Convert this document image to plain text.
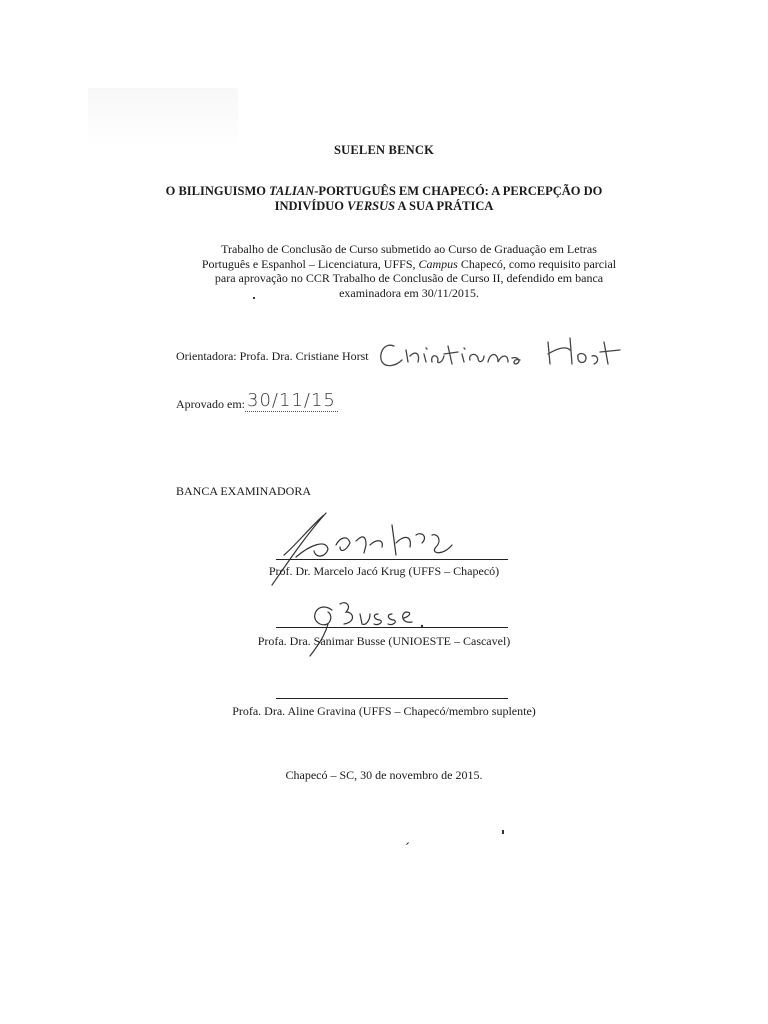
SUELEN BENCK
O BILINGUISMO TALIAN-PORTUGUÊS EM CHAPECÓ: A PERCEPÇÃO DO
INDIVÍDUO VERSUS A SUA PRÁTICA
Trabalho de Conclusão de Curso submetido ao Curso de Graduação em Letras
Português e Espanhol – Licenciatura, UFFS, Campus Chapecó, como requisito parcial
para aprovação no CCR Trabalho de Conclusão de Curso II, defendido em banca
examinadora em 30/11/2015.
Orientadora: Profa. Dra. Cristiane Horst
Aprovado em: 30/11/15
BANCA EXAMINADORA
Prof. Dr. Marcelo Jacó Krug (UFFS – Chapecó)
Profa. Dra. Sanimar Busse (UNIOESTE – Cascavel)
Profa. Dra. Aline Gravina (UFFS – Chapecó/membro suplente)
Chapecó – SC, 30 de novembro de 2015.
